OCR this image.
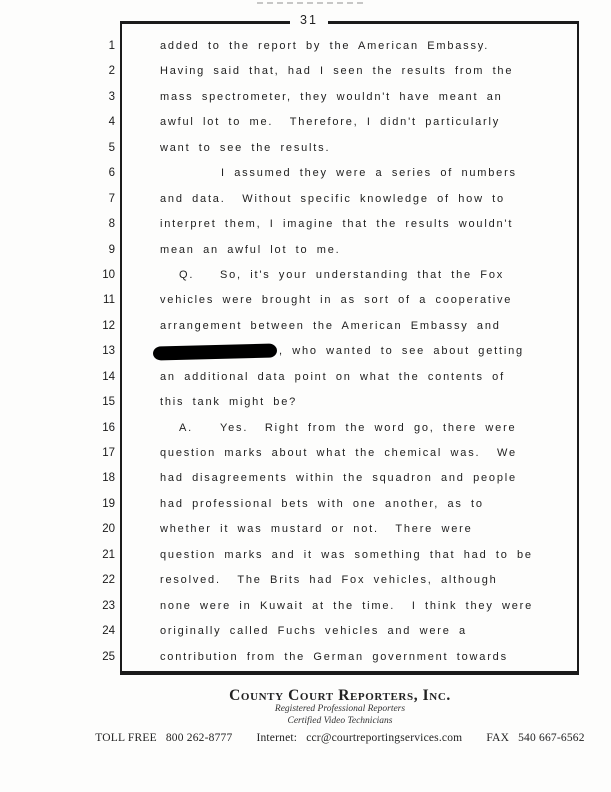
31
1	added to the report by the American Embassy.
2	Having said that, had I seen the results from the
3	mass spectrometer, they wouldn't have meant an
4	awful lot to me.  Therefore, I didn't particularly
5	want to see the results.
6	I assumed they were a series of numbers
7	and data.  Without specific knowledge of how to
8	interpret them, I imagine that the results wouldn't
9	mean an awful lot to me.
10	Q. So, it's your understanding that the Fox
11	vehicles were brought in as sort of a cooperative
12	arrangement between the American Embassy and
13	, who wanted to see about getting
14	an additional data point on what the contents of
15	this tank might be?
16	A. Yes.  Right from the word go, there were
17	question marks about what the chemical was.  We
18	had disagreements within the squadron and people
19	had professional bets with one another, as to
20	whether it was mustard or not.  There were
21	question marks and it was something that had to be
22	resolved.  The Brits had Fox vehicles, although
23	none were in Kuwait at the time.  I think they were
24	originally called Fuchs vehicles and were a
25	contribution from the German government towards
County Court Reporters, Inc.
Registered Professional Reporters
Certified Video Technicians
TOLL FREE 800 262-8777 Internet: ccr@courtreportingservices.com FAX 540 667-6562
